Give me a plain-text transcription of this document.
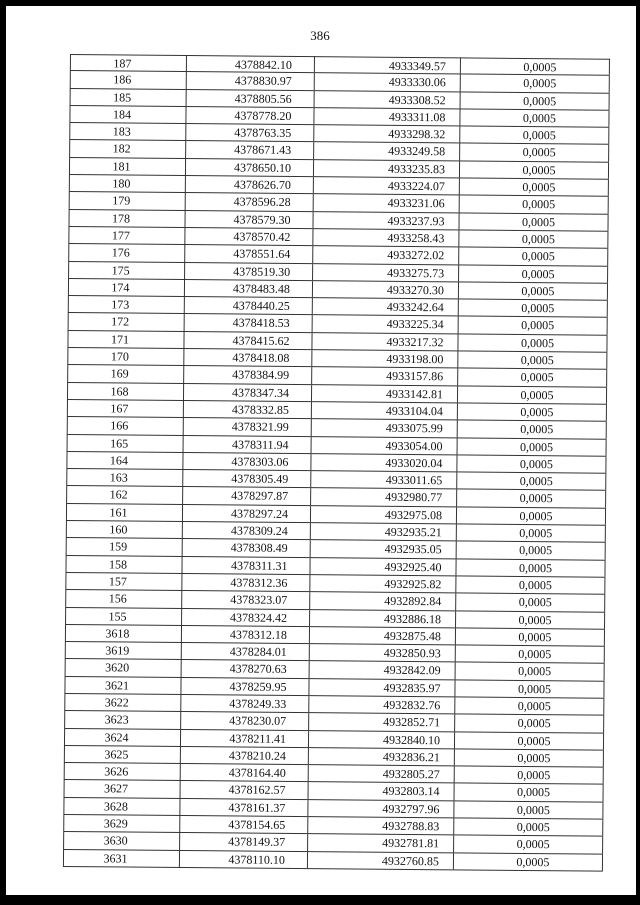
386
187	4378842.10	4933349.57	0,0005
186	4378830.97	4933330.06	0,0005
185	4378805.56	4933308.52	0,0005
184	4378778.20	4933311.08	0,0005
183	4378763.35	4933298.32	0,0005
182	4378671.43	4933249.58	0,0005
181	4378650.10	4933235.83	0,0005
180	4378626.70	4933224.07	0,0005
179	4378596.28	4933231.06	0,0005
178	4378579.30	4933237.93	0,0005
177	4378570.42	4933258.43	0,0005
176	4378551.64	4933272.02	0,0005
175	4378519.30	4933275.73	0,0005
174	4378483.48	4933270.30	0,0005
173	4378440.25	4933242.64	0,0005
172	4378418.53	4933225.34	0,0005
171	4378415.62	4933217.32	0,0005
170	4378418.08	4933198.00	0,0005
169	4378384.99	4933157.86	0,0005
168	4378347.34	4933142.81	0,0005
167	4378332.85	4933104.04	0,0005
166	4378321.99	4933075.99	0,0005
165	4378311.94	4933054.00	0,0005
164	4378303.06	4933020.04	0,0005
163	4378305.49	4933011.65	0,0005
162	4378297.87	4932980.77	0,0005
161	4378297.24	4932975.08	0,0005
160	4378309.24	4932935.21	0,0005
159	4378308.49	4932935.05	0,0005
158	4378311.31	4932925.40	0,0005
157	4378312.36	4932925.82	0,0005
156	4378323.07	4932892.84	0,0005
155	4378324.42	4932886.18	0,0005
3618	4378312.18	4932875.48	0,0005
3619	4378284.01	4932850.93	0,0005
3620	4378270.63	4932842.09	0,0005
3621	4378259.95	4932835.97	0,0005
3622	4378249.33	4932832.76	0,0005
3623	4378230.07	4932852.71	0,0005
3624	4378211.41	4932840.10	0,0005
3625	4378210.24	4932836.21	0,0005
3626	4378164.40	4932805.27	0,0005
3627	4378162.57	4932803.14	0,0005
3628	4378161.37	4932797.96	0,0005
3629	4378154.65	4932788.83	0,0005
3630	4378149.37	4932781.81	0,0005
3631	4378110.10	4932760.85	0,0005
